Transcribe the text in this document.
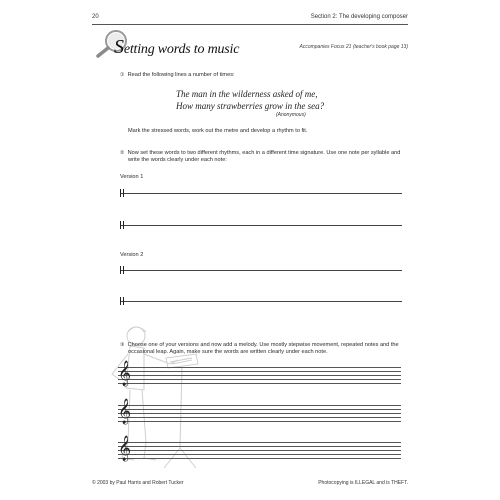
20	Section 2: The developing composer
Setting words to music	Accompanies Focus 21 (teacher's book page 13)
① Read the following lines a number of times:
The man in the wilderness asked of me,
How many strawberries grow in the sea?
(Anonymous)
Mark the stressed words, work out the metre and develop a rhythm to fit.
② Now set these words to two different rhythms, each in a different time signature. Use one note per syllable and
write the words clearly under each note:
Version 1
Version 2
③ Choose one of your versions and now add a melody. Use mostly stepwise movement, repeated notes and the
occasional leap. Again, make sure the words are written clearly under each note.
𝄞
𝄞
𝄞
© 2003 by Paul Harris and Robert Tucker	Photocopying is ILLEGAL and is THEFT.
